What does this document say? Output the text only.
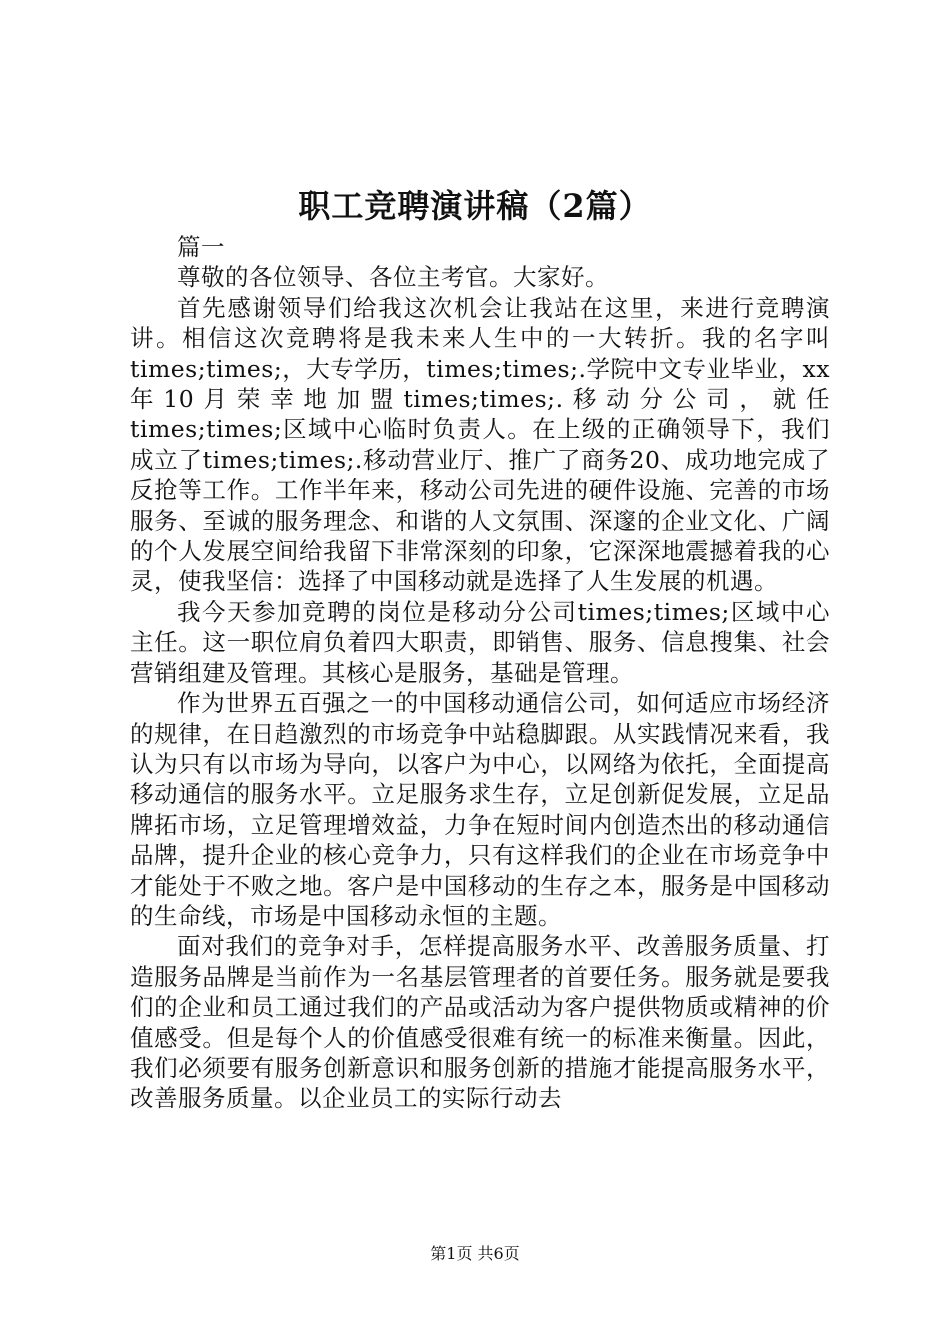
职工竞聘演讲稿（2篇）

篇一

尊敬的各位领导、各位主考官。大家好。

首先感谢领导们给我这次机会让我站在这里，来进行竞聘演讲。相信这次竞聘将是我未来人生中的一大转折。我的名字叫times;times;，大专学历，times;times;.学院中文专业毕业，xx年10月荣幸地加盟times;times;.移动分公司，就任times;times;区域中心临时负责人。在上级的正确领导下，我们成立了times;times;.移动营业厅、推广了商务20、成功地完成了反抢等工作。工作半年来，移动公司先进的硬件设施、完善的市场服务、至诚的服务理念、和谐的人文氛围、深邃的企业文化、广阔的个人发展空间给我留下非常深刻的印象，它深深地震撼着我的心灵，使我坚信：选择了中国移动就是选择了人生发展的机遇。

我今天参加竞聘的岗位是移动分公司times;times;区域中心主任。这一职位肩负着四大职责，即销售、服务、信息搜集、社会营销组建及管理。其核心是服务，基础是管理。

作为世界五百强之一的中国移动通信公司，如何适应市场经济的规律，在日趋激烈的市场竞争中站稳脚跟。从实践情况来看，我认为只有以市场为导向，以客户为中心，以网络为依托，全面提高移动通信的服务水平。立足服务求生存，立足创新促发展，立足品牌拓市场，立足管理增效益，力争在短时间内创造杰出的移动通信品牌，提升企业的核心竞争力，只有这样我们的企业在市场竞争中才能处于不败之地。客户是中国移动的生存之本，服务是中国移动的生命线，市场是中国移动永恒的主题。

面对我们的竞争对手，怎样提高服务水平、改善服务质量、打造服务品牌是当前作为一名基层管理者的首要任务。服务就是要我们的企业和员工通过我们的产品或活动为客户提供物质或精神的价值感受。但是每个人的价值感受很难有统一的标准来衡量。因此，我们必须要有服务创新意识和服务创新的措施才能提高服务水平，改善服务质量。以企业员工的实际行动去

第1页 共6页
